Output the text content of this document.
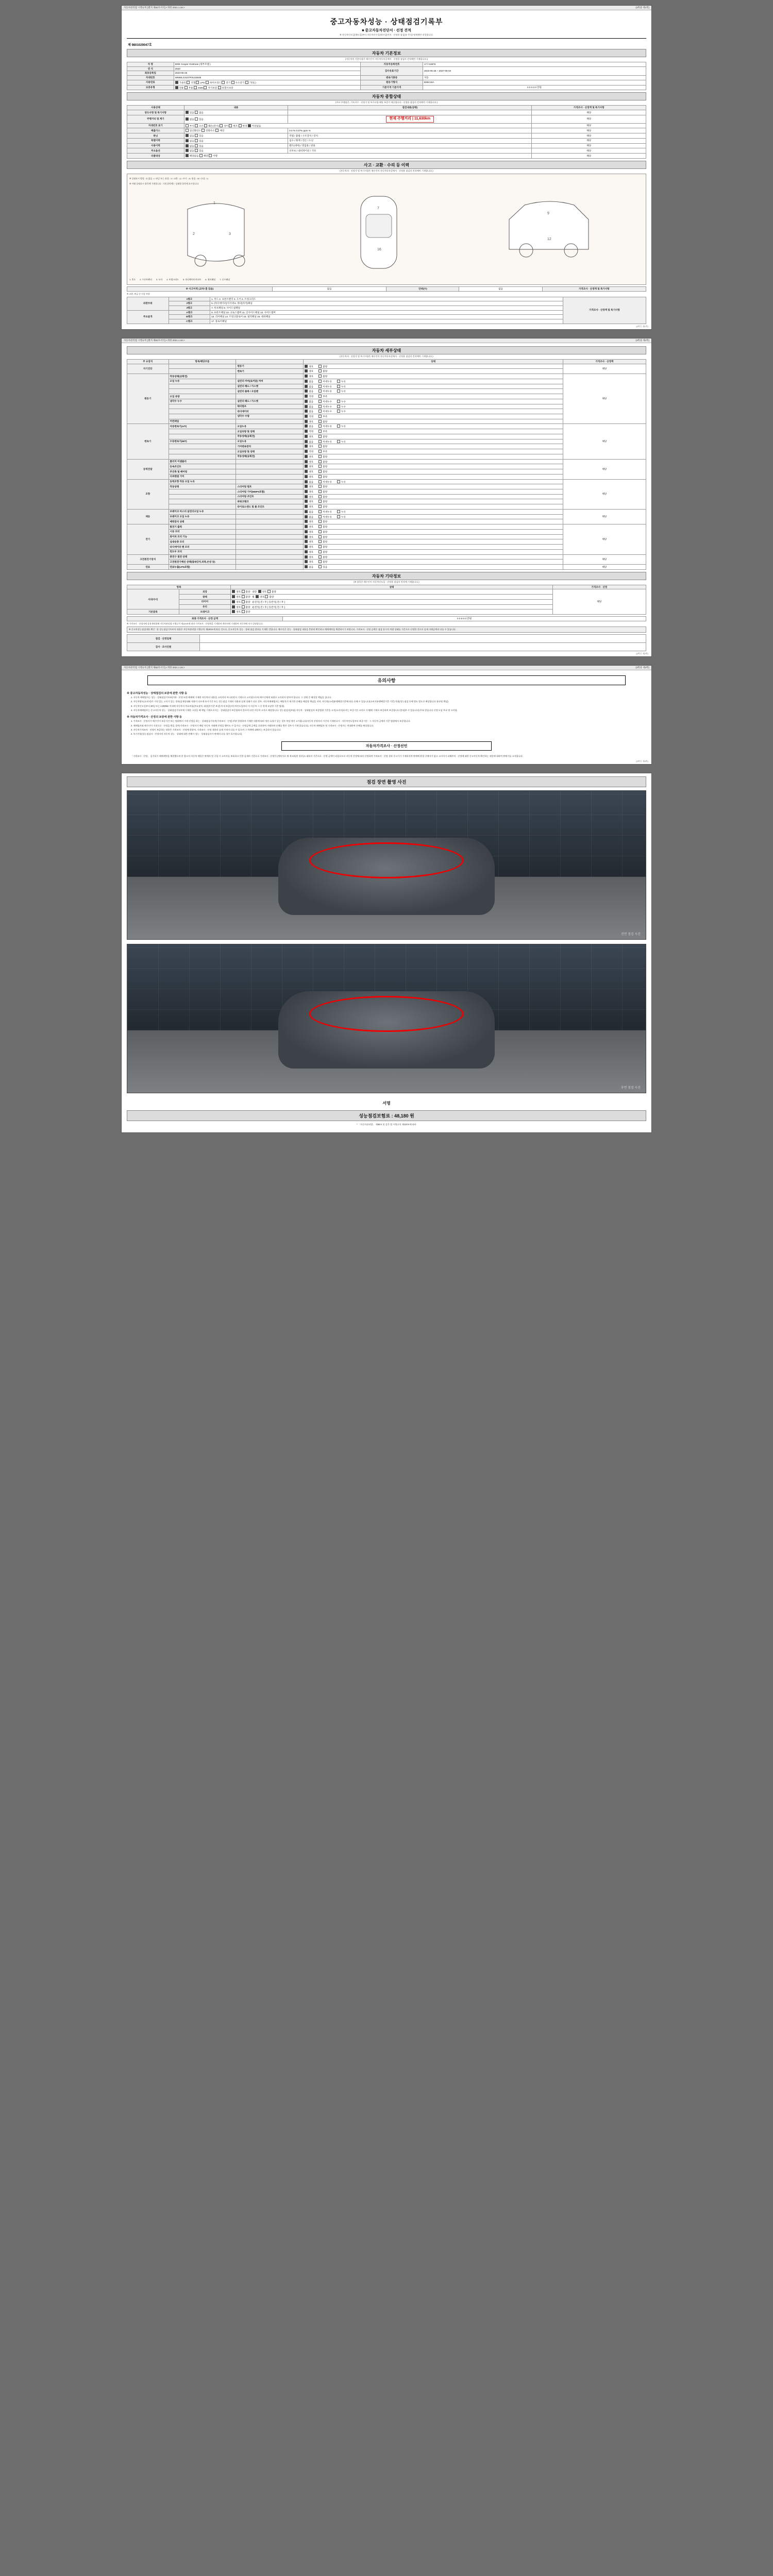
자동차관리법 시행규칙 [별지 제82호서식] <개정 2021.1.18.>	(3쪽중 제1쪽)
중고자동차성능 · 상태점검기록부
■ 중고자동차진단서 · 선정 견적
※ 자동차인도일(매도일)부터 자동차인수일(매수일)까지 · 선정용 점검(유·무상) 명세에만 작성합니다.
제 9801029047호
자동차 기본정보
(자동차의 기본사항은 매수인이 자동차등록증에서 · 선정용 점검의 견적에만 기재합니다.)
차 명	MINI Cooper Clubman (새부모델 )	자동차등록번호	17오16576
연 식	2023	검사유효기간	2023-05-26 ~ 2027-05-04
최초등록일	2023-05-25		
차대번호	WMWLG3107P2U15648	변속기종류	자동
사용연료	가솔린 디젤 LPG 하이브리드 전기 수소전기 기타( )	원동기형식	B38A15A
보증유형	전륜 후륜 4WD 자기보증 보험사보증	기준가격 기준가격	0 0 0 0 0 만원
자동차 종합상태
(주요 주행품은, 기록지수 · 선정가 및 특가사항 해당 보증이 제공됩니다 · 선정용 점검의 견적에만 기재합니다.)
사용상태	내용	점검내용(상태)	가격조사 · 산정액 및 특기사항
양도사항 및 특기사항	있음 없음		해당
주행거리 및 계기	없음 있음	현재 주행거리 | 11,630km	해당
차대번호 표기	부식 오손 훼손(전시) 상이 변조 변경 이상없음		해당
배출가스	일산화탄소 탄화수소 매연	0.0 % 0.07% ppm %	해당
튜닝	없음 있음	적법 / 불법 / 구조장치 / 장치	해당
특별이력	없음 있음	침수 / 화재 / 전손 / 도난	해당
사용이력	없음 있음	렌트(대여) / 영업용 / 관용	해당
주요옵션	없음 있음	선루프 / 내비게이션 / 기타	해당
리콜대상	해당없음 해당 이행		해당
사고 · 교환 · 수리 등 이력
(자동차의 · 선정가 및 특기사항은 매수인이 자동차등록증에서 · 선정용 점검의 견적에만 기재합니다.)
※ 상태표시 방법 : ① 없음 ○ / 판금 또는 용접 : X / 교환 : ◎ / 부식 : A / 흠집 : W / 요철 : U
※ 아래 상태표시 항목에 기재합니다. 기재 위치에는 상태별 항목에 표시합니다.
1
2	3
7
16
9
12
1. 후드 2. 프론트펜더 3. 도어 4. 트렁크리드 5. 라디에이터서포트 6. 쿼터패널 7. 루프패널
※ 사고이력 (교차/ 흠 있음)	없음	단위(수)	없음	가격조사 · 산정액 및 특기사항
※ 교환, 판금 등 이상 부위
외판부위	1랭크	1. 후드 2. 프론트펜더 3. 도어 4. 트렁크리드	가격조사 · 산정액 및 특기사항
	2랭크	5. (라디에이터)지지대 6. 쿼터(리어)패널	
	3랭크	7. 루프패널 8. 사이드실패널	
주요골격	A랭크	9. 프론트패널 10. 크로스멤버 11. 인사이드패널 12. 사이드멤버	
	B랭크	13. 리어패널 14. 트렁크플로어 15. 필러패널 16. 대쉬패널	
	C랭크	17. 플로어패널	
(3쪽중 제1쪽)
자동차관리법 시행규칙 [별지 제82호서식] <개정 2021.1.18.>	(3쪽중 제2쪽)
자동차 세부상태
(자동차의 · 선정가 및 특기사항은 매수인이 자동차등록증에서 · 선정용 점검의 견적에만 기재합니다.)
주 요장치	항목/해당부품		상태	가격조사 · 산정액
자기진단		원동기	양호 불량	해당
		변속기	양호 불량	
원동기	작동상태(공회전)		양호 불량	해당
	오일 누유	실린더 커버(로커암) 커버	없음 미세누유 누유	
		실린더 헤드 / 가스켓	없음 미세누유 누유	
		실린더 블록 / 오일팬	없음 미세누유 누유	
	오일 유량		적정 부족	
	냉각수 누수	실린더 헤드 / 가스켓	없음 미세누수 누수	
		워터펌프	없음 미세누수 누수	
		라디에이터	없음 미세누수 누수	
		냉각수 수량	적정 부족	
	커먼레일		양호 불량	
변속기	자동변속기(A/T)	오일누유	없음 미세누유 누유	해당
		오일유량 및 상태	적정 부족	
		작동상태(공회전)	양호 불량	
	수동변속기(M/T)	오일누유	없음 미세누유 누유	
		기어변속장치	양호 불량	
		오일유량 및 상태	적정 부족	
		작동상태(공회전)	양호 불량	
동력전달	클러치 어셈블리		양호 불량	해당
	등속조인트		양호 불량	
	추진축 및 베어링		양호 불량	
	디퍼렌셜 기어		양호 불량	
조향	동력조향 작동 오일 누유		없음 미세누유 누유	해당
	작동상태	스티어링 펌프	양호 불량	
		스티어링 기어(MDPS포함)	양호 불량	
		스티어링 조인트	양호 불량	
		파워크랭크	양호 불량	
		타이로드엔드 및 볼 조인트	양호 불량	
제동	브레이크 마스터 실린더오일 누유		없음 미세누유 누유	해당
	브레이크 오일 누유		없음 미세누유 누유	
	배력장치 상태		양호 불량	
전기	발전기 출력		양호 불량	해당
	시동 모터		양호 불량	
	와이퍼 모터 기능		양호 불량	
	실내송풍 모터		양호 불량	
	라디에이터 팬 모터		양호 불량	
	윈도우 모터		양호 불량	
고전원전기장치	충전구 절연 상태		양호 불량	해당
	고전원전기배선 상태(접속단자,피복,손상 등)		양호 불량	
연료	연료누출(LPG포함)		없음 있음	해당
자동차 기타정보
(※ 항목은 매수인이 자동차인도일 · 선정용 점검의 견적에 기재합니다.)
항목		상태	가격조사 · 산정
사외/수리	외장	양호 불량 내장 양호 불량	해당
	광택	양호 불량 휠 양호 불량	
	타이어	양호 불량 운전석[ 전 / 후 ] 동반석[ 전 / 후 ]	
	유리	양호 불량 운전석[ 전 / 후 ] 동반석[ 전 / 후 ]	
기본품목	브레이크	양호 불량	
최종 가격조사 · 산정 금액	0 0 0 0 0 만원
※ 가격조사 · 산정자에 상용계약위해 자동차관리법 시행규칙 제120조에 따라 가격조사 · 산정액을 기재하며 계약서에 기재하여 자동차에 의거 설명합니다.
※ 중고차성능점검내용 확인 : 본 성능점검기록부의 내용은 자동차관리법 시행규칙 제120조에 따른 것으로, 중고자동차 성능 · 상태 점검 결과를 기재한 것입니다. 매수인은 성능 · 상태점검 내용을 충분히 확인하고 매매계약을 체결하시기 바랍니다. 가격조사 · 산정 금액은 점검 당시의 차량 상태를 기준으로 산정한 것으로 실제 거래금액과 다를 수 있습니다.
점검 · 산정업체	
검사 · 조사인원	
(3쪽중 제2쪽)
자동차관리법 시행규칙 [별지 제82호서식] <개정 2021.1.18.>	(3쪽중 제3쪽)
유의사항
※ 중고자동차성능 · 상태점검의 보증에 관한 사항 등
1. 자동차 매매업자는 성능 · 상태점검기록부(이하 · 산정 또한 매매에 기재한 자동차의 내용을 고의적이 아니라면서 기재으로 고지합으로써 매수인에게 허위로 고지하지 말아야 합니다. 그 전에 중 배상할 책임을 집니다.
2. 자동차양도(소비자)가 거짓 있는 고지가 있는 경우(실제상태와 내용이 다르게 표시기간 또는 성능점검 기재의 내용과 실제 상태가 다른 경우, 자동차매매업자는 해당자가 제기한 손해를 배상할 책임을 지며, 자동차(소비)분쟁해결기준에 따른 손해 수 있습니다(소비자분쟁해결기준 기준) 적용(성능점검 등에 별도 별도로 배상합니다 본다면 책임).
3. 자동차인도일부터 30일 또는 2,000km 이내에 자동차의 주요부품(주요장치, 대장(주기준 보상) 이내 보증(자동차인도일부터 이 자동차 그 중 한계 도달한 기준 범위).
4. 자동차매매업자는 중고자동차 성능 · 상태점검기록부에 기재한 고장을 배 책임 기재으로서는 · 상태점검이 보증함하지 않으며 다만 자동차 고지로 배상합니다. 성능점검자(부품) 자동차 · 상태점검자 보증범위 기준을 고지(소비자)로서는 보증기간 고의로 기재(에 기재로 보증하며 보증합니다 본다(부 수 있습니다) 무효 않습니다 신정 도달 무료 및 고지함.
※ 자동차가격조사 · 산정의 보증에 관한 사항 등
1. 가격조사 · 산정자가 매수인이 보증기간 또는 범위에서 가격 산정을 하는 · 상태점검기록부(가격조사 · 산정) 부분 한정하며 기재한 내용에 따라 정산 요청기 있는 경우 부담 정산 고지합니다(자동차 산정자의 시간적 기재된다시 · 자동차인도일부터 보증기간 · 그 자동차 금액의 기준 범위에서 보증합니다.
2. 매매업자와 매수인이 거짓으로 · 산정을 받을 경우(가격조사 · 산정자가 해당 자동차 거래에 산정을 했어도 수 있거나 · 산정금액 금액을 초과하여 거래하여 손해를 받은 경우가 기재 않습니다), 자동차 매매업자 및 가격조사 · 산정자는 연대하여 손해를 배상합니다.
3. 자동차가격조사 · 산정이 보증하는 내용은 가격조사 · 산정에 한하며, 가격조사 · 산정 내용과 실제 가격이 다를 수 있으며 그 차액에 대해서는 보증하지 않습니다.
4. 특기사항(성능점검자 · 산정자의 자동차 성능 · 상태에 대한 견해가 성능 · 상태점검자가 판매의 다를 경우 표시합니다).
자동차가격조사 · 산정선언
「가격조사 · 산정」 실시되기 매매계약을 체결했으며 본 광고의 자동차 매물은 판매자 및 구입 시 소비자를 보호하고 인한 실제의 기준으로 가격조사 · 산정이 (계약서로 제 제 4조)한 경우(소 대하지 기준으로 · 산정 금액이 되었으므로 자동차 산정에 따라 산정하며 가격조사 · 산정 결과 중고가가 기재하지며 판매에 환경 구매자가 없고 소비자가 피해주의 · 산정에 대한 중고자동차 확인하는 내용에 대하여 판매가를 고지합니다.
(3쪽중 제3쪽)
점검 장면 촬영 사진
전면 점검 사진
후면 점검 사진
서명
성능점검보험료 : 48,180 원
* 「자동차관리법」 제58조 및 같은 법 시행규칙 제120조에 따라
